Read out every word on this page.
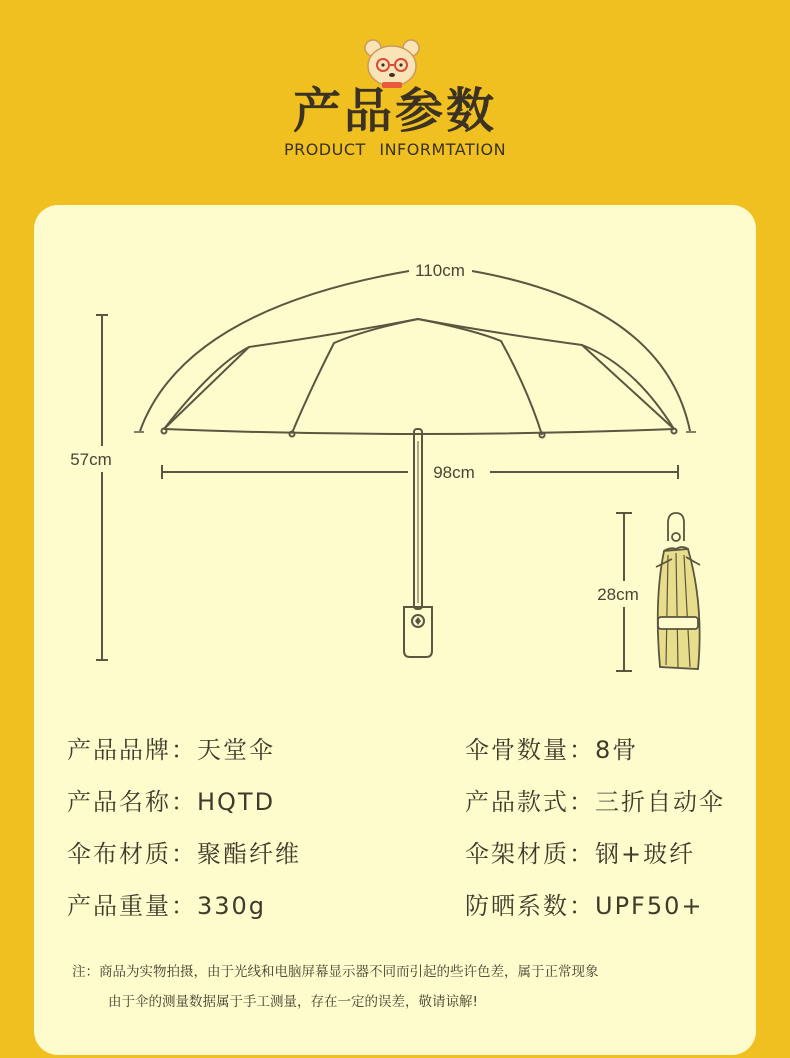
产品参数
PRODUCT INFORMTATION
110cm
57cm
98cm
28cm
产品品牌：天堂伞	伞骨数量：8骨
产品名称：HQTD	产品款式：三折自动伞
伞布材质：聚酯纤维	伞架材质：钢+玻纤
产品重量：330g	防晒系数：UPF50+
注：商品为实物拍摄，由于光线和电脑屏幕显示器不同而引起的些许色差，属于正常现象
由于伞的测量数据属于手工测量，存在一定的误差，敬请谅解!
